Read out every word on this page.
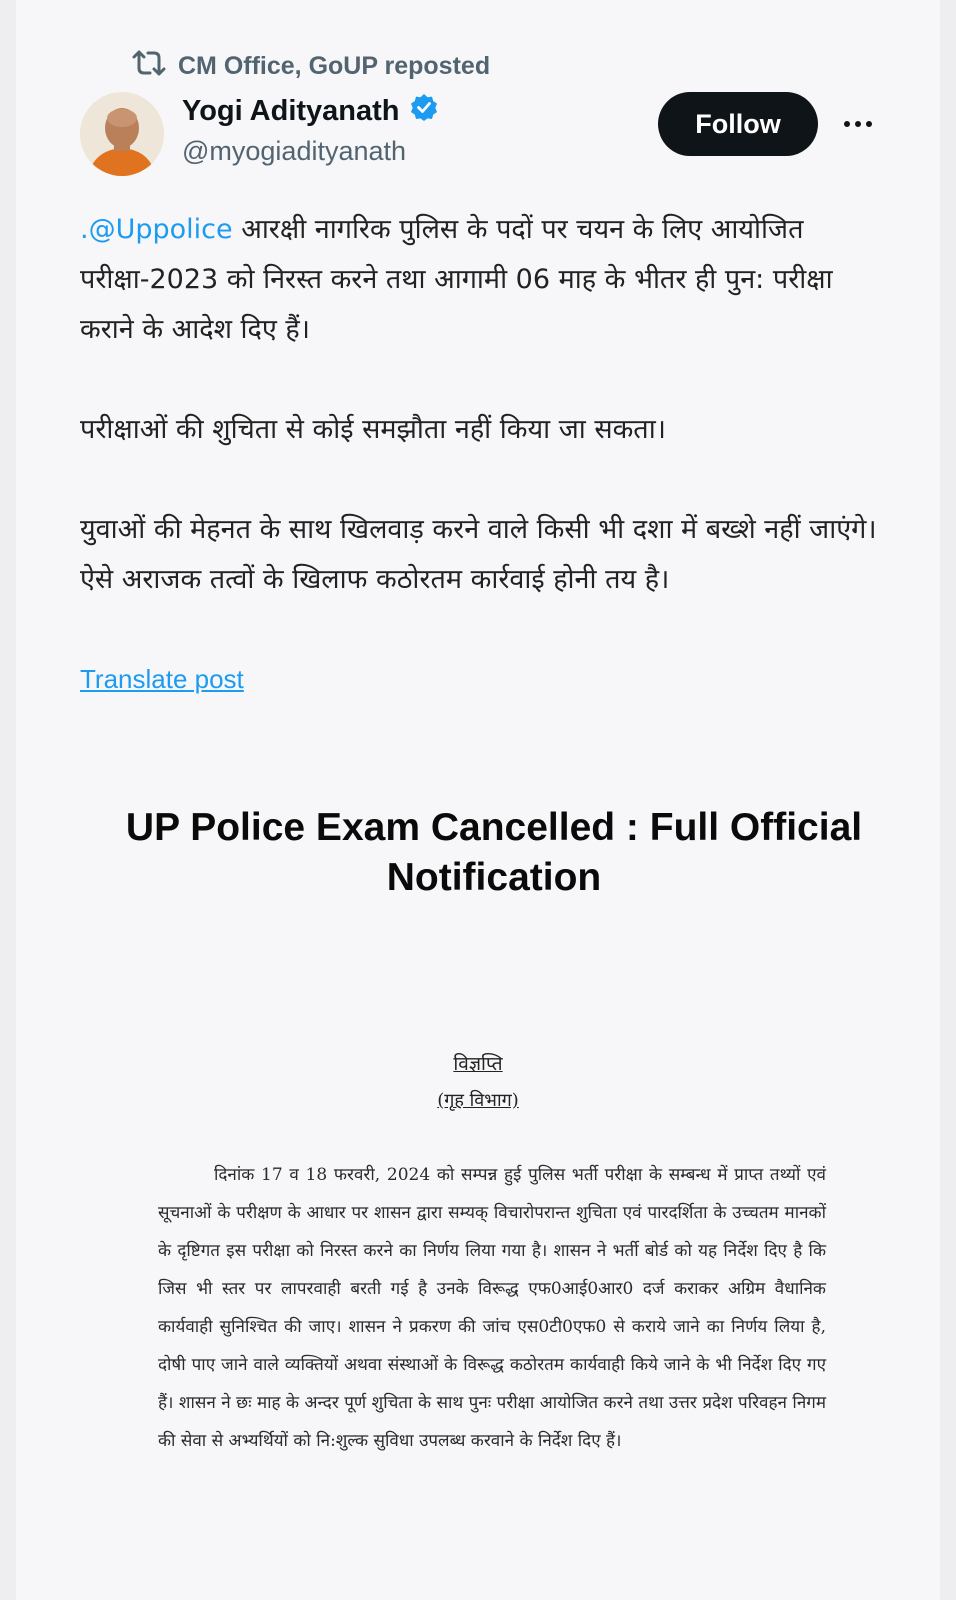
CM Office, GoUP reposted
Yogi Adityanath
@myogiadityanath
Follow

.@Uppolice आरक्षी नागरिक पुलिस के पदों पर चयन के लिए आयोजित परीक्षा-2023 को निरस्त करने तथा आगामी 06 माह के भीतर ही पुन: परीक्षा कराने के आदेश दिए हैं।

परीक्षाओं की शुचिता से कोई समझौता नहीं किया जा सकता।

युवाओं की मेहनत के साथ खिलवाड़ करने वाले किसी भी दशा में बख्शे नहीं जाएंगे। ऐसे अराजक तत्वों के खिलाफ कठोरतम कार्रवाई होनी तय है।

Translate post
UP Police Exam Cancelled : Full Official Notification
विज्ञप्ति
(गृह विभाग)
दिनांक 17 व 18 फरवरी, 2024 को सम्पन्न हुई पुलिस भर्ती परीक्षा के सम्बन्ध में प्राप्त तथ्यों एवं सूचनाओं के परीक्षण के आधार पर शासन द्वारा सम्यक् विचारोपरान्त शुचिता एवं पारदर्शिता के उच्चतम मानकों के दृष्टिगत इस परीक्षा को निरस्त करने का निर्णय लिया गया है। शासन ने भर्ती बोर्ड को यह निर्देश दिए है कि जिस भी स्तर पर लापरवाही बरती गई है उनके विरूद्ध एफ0आई0आर0 दर्ज कराकर अग्रिम वैधानिक कार्यवाही सुनिश्चित की जाए। शासन ने प्रकरण की जांच एस0टी0एफ0 से कराये जाने का निर्णय लिया है, दोषी पाए जाने वाले व्यक्तियों अथवा संस्थाओं के विरूद्ध कठोरतम कार्यवाही किये जाने के भी निर्देश दिए गए हैं। शासन ने छः माह के अन्दर पूर्ण शुचिता के साथ पुनः परीक्षा आयोजित करने तथा उत्तर प्रदेश परिवहन निगम की सेवा से अभ्यर्थियों को नि:शुल्क सुविधा उपलब्ध करवाने के निर्देश दिए हैं।
